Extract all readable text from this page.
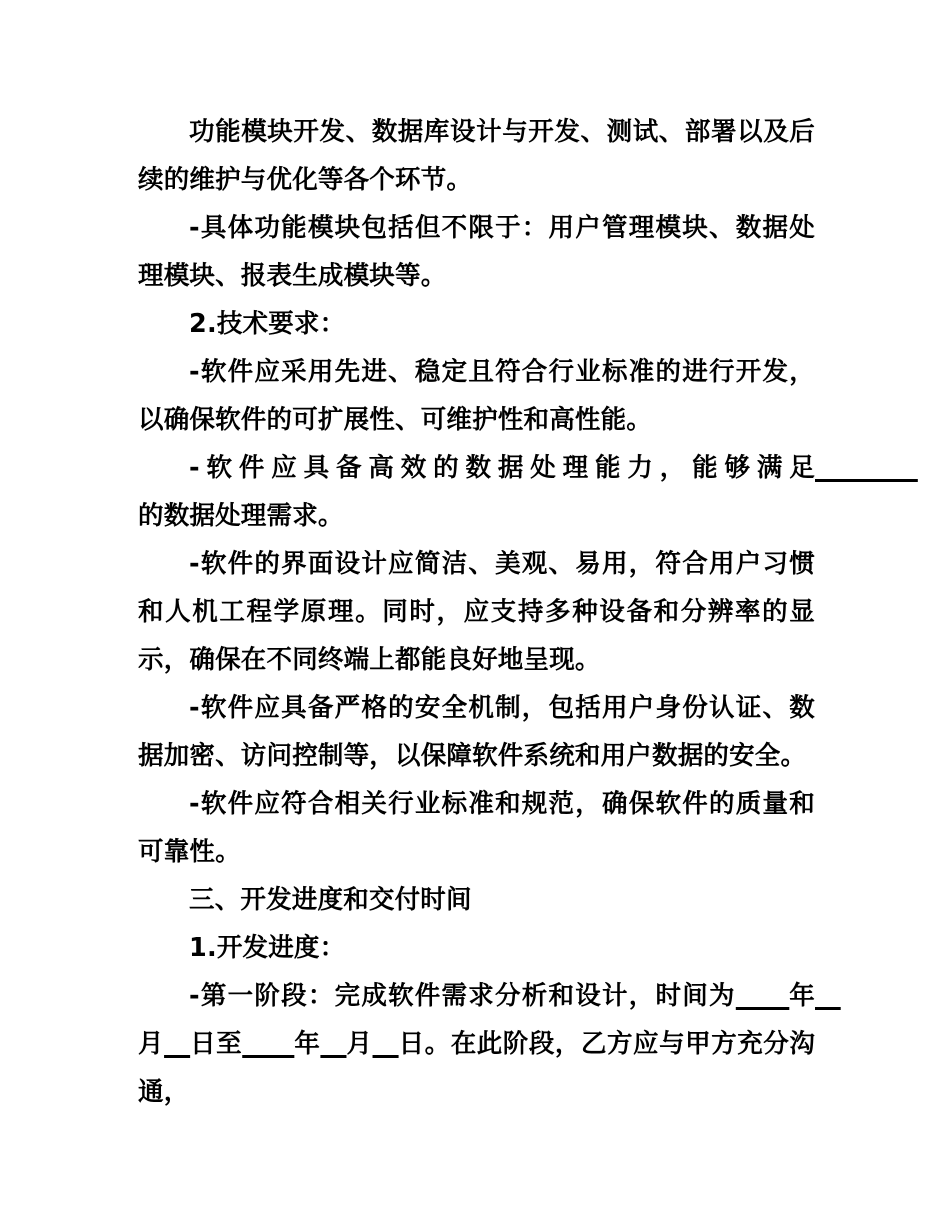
功能模块开发、数据库设计与开发、测试、部署以及后续的维护与优化等各个环节。

-具体功能模块包括但不限于：用户管理模块、数据处理模块、报表生成模块等。

2.技术要求：

-软件应采用先进、稳定且符合行业标准的进行开发，以确保软件的可扩展性、可维护性和高性能。

-软件应具备高效的数据处理能力，能够满足　　　　的数据处理需求。

-软件的界面设计应简洁、美观、易用，符合用户习惯和人机工程学原理。同时，应支持多种设备和分辨率的显示，确保在不同终端上都能良好地呈现。

-软件应具备严格的安全机制，包括用户身份认证、数据加密、访问控制等，以保障软件系统和用户数据的安全。

-软件应符合相关行业标准和规范，确保软件的质量和可靠性。

三、开发进度和交付时间

1.开发进度：

-第一阶段：完成软件需求分析和设计，时间为　　 年　月　 日至　　 年　 月　 日。在此阶段，乙方应与甲方充分沟通，
